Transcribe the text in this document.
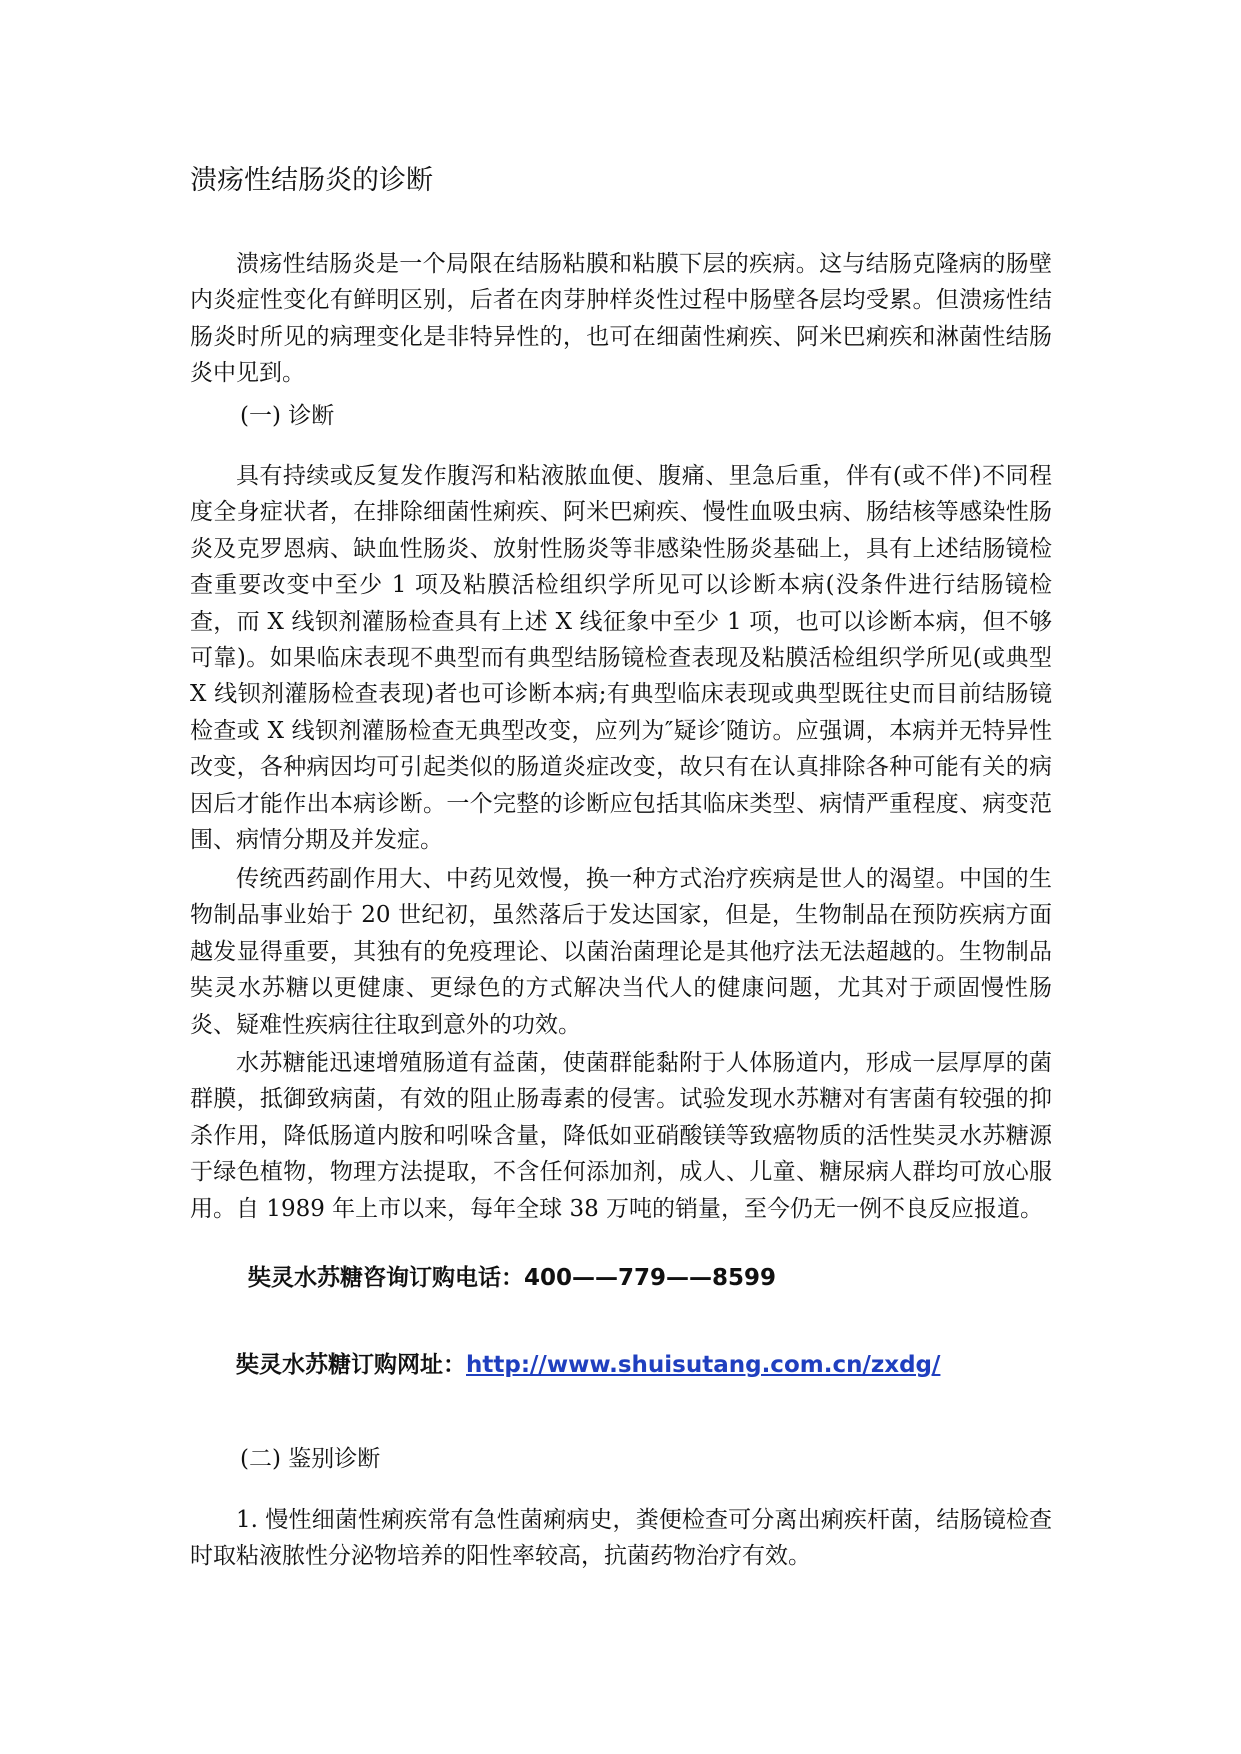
溃疡性结肠炎的诊断

溃疡性结肠炎是一个局限在结肠粘膜和粘膜下层的疾病。这与结肠克隆病的肠壁内炎症性变化有鲜明区别，后者在肉芽肿样炎性过程中肠壁各层均受累。但溃疡性结肠炎时所见的病理变化是非特异性的，也可在细菌性痢疾、阿米巴痢疾和淋菌性结肠炎中见到。

(一) 诊断

具有持续或反复发作腹泻和粘液脓血便、腹痛、里急后重，伴有(或不伴)不同程度全身症状者，在排除细菌性痢疾、阿米巴痢疾、慢性血吸虫病、肠结核等感染性肠炎及克罗恩病、缺血性肠炎、放射性肠炎等非感染性肠炎基础上，具有上述结肠镜检查重要改变中至少 1 项及粘膜活检组织学所见可以诊断本病(没条件进行结肠镜检查，而 X 线钡剂灌肠检查具有上述 X 线征象中至少 1 项，也可以诊断本病，但不够可靠)。如果临床表现不典型而有典型结肠镜检查表现及粘膜活检组织学所见(或典型 X 线钡剂灌肠检查表现)者也可诊断本病;有典型临床表现或典型既往史而目前结肠镜检查或 X 线钡剂灌肠检查无典型改变，应列为″疑诊′随访。应强调，本病并无特异性改变，各种病因均可引起类似的肠道炎症改变，故只有在认真排除各种可能有关的病因后才能作出本病诊断。一个完整的诊断应包括其临床类型、病情严重程度、病变范围、病情分期及并发症。

传统西药副作用大、中药见效慢，换一种方式治疗疾病是世人的渴望。中国的生物制品事业始于 20 世纪初，虽然落后于发达国家，但是，生物制品在预防疾病方面越发显得重要，其独有的免疫理论、以菌治菌理论是其他疗法无法超越的。生物制品奘灵水苏糖以更健康、更绿色的方式解决当代人的健康问题，尤其对于顽固慢性肠炎、疑难性疾病往往取到意外的功效。

水苏糖能迅速增殖肠道有益菌，使菌群能黏附于人体肠道内，形成一层厚厚的菌群膜，抵御致病菌，有效的阻止肠毒素的侵害。试验发现水苏糖对有害菌有较强的抑杀作用，降低肠道内胺和吲哚含量，降低如亚硝酸镁等致癌物质的活性奘灵水苏糖源于绿色植物，物理方法提取，不含任何添加剂，成人、儿童、糖尿病人群均可放心服用。自 1989 年上市以来，每年全球 38 万吨的销量，至今仍无一例不良反应报道。

奘灵水苏糖咨询订购电话：400——779——8599

奘灵水苏糖订购网址：http://www.shuisutang.com.cn/zxdg/

(二) 鉴别诊断

1. 慢性细菌性痢疾常有急性菌痢病史，粪便检查可分离出痢疾杆菌，结肠镜检查时取粘液脓性分泌物培养的阳性率较高，抗菌药物治疗有效。
